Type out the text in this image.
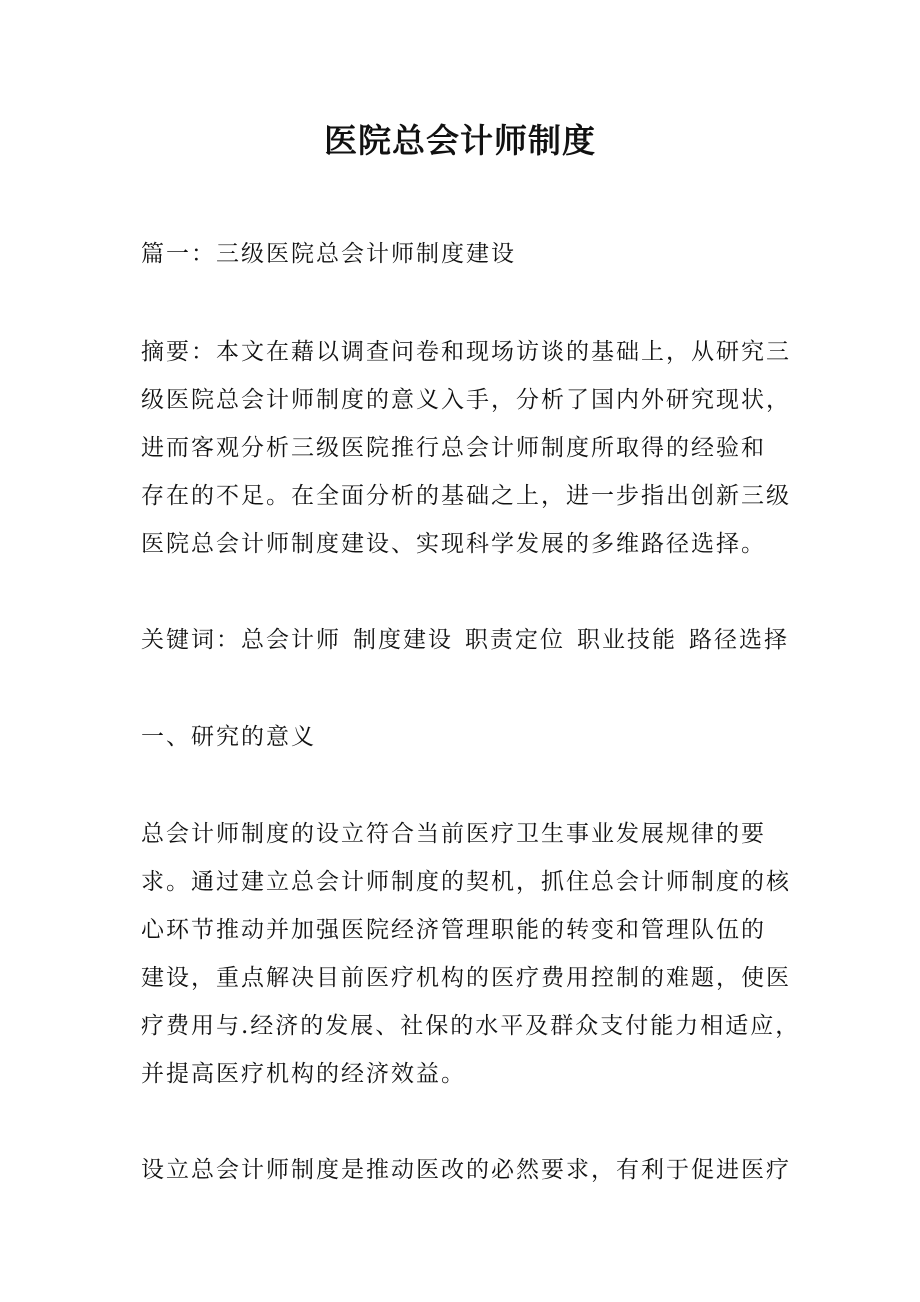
医院总会计师制度

篇一：三级医院总会计师制度建设

摘要：本文在藉以调查问卷和现场访谈的基础上，从研究三
级医院总会计师制度的意义入手，分析了国内外研究现状，
进而客观分析三级医院推行总会计师制度所取得的经验和
存在的不足。在全面分析的基础之上，进一步指出创新三级
医院总会计师制度建设、实现科学发展的多维路径选择。

关键词：总会计师 制度建设 职责定位 职业技能 路径选择

一、研究的意义

总会计师制度的设立符合当前医疗卫生事业发展规律的要
求。通过建立总会计师制度的契机，抓住总会计师制度的核
心环节推动并加强医院经济管理职能的转变和管理队伍的
建设，重点解决目前医疗机构的医疗费用控制的难题，使医
疗费用与.经济的发展、社保的水平及群众支付能力相适应，
并提高医疗机构的经济效益。

设立总会计师制度是推动医改的必然要求，有利于促进医疗
